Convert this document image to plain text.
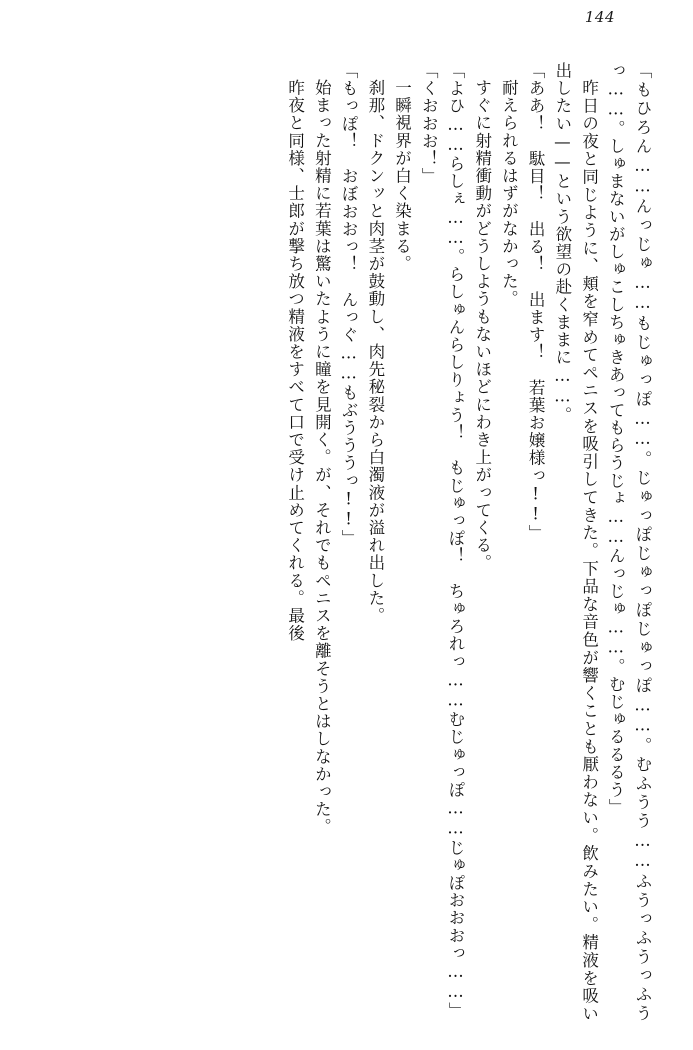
144

「もひろん……んっじゅ……もじゅっぽ……。じゅっぽじゅっぽじゅっぽ……。むふうう……ふうっふうっふうっ……。しゅまないがしゅこしちゅきあってもらうじょ……んっじゅ……。むじゅるるるう」

昨日の夜と同じように、頬を窄めてペニスを吸引してきた。下品な音色が響くことも厭わない。飲みたい。精液を吸い出したい——という欲望の赴くままに……。

「ああ！　駄目！　出る！　出ます！　若葉お嬢様っ!!」

耐えられるはずがなかった。

すぐに射精衝動がどうしようもないほどにわき上がってくる。

「よひ……らしぇ……。らしゅんらしりょう！　もじゅっぽ！　ちゅろれっ……むじゅっぽ……じゅぽおおおっ……」

「くおおお！」

一瞬視界が白く染まる。

刹那、ドクンッと肉茎が鼓動し、肉先秘裂から白濁液が溢れ出した。

「もっぽ！　おぼおおっ！　んっぐ……もぶうううっ!!」

始まった射精に若葉は驚いたように瞳を見開く。が、それでもペニスを離そうとはしなかった。

昨夜と同様、士郎が撃ち放つ精液をすべて口で受け止めてくれる。最後
